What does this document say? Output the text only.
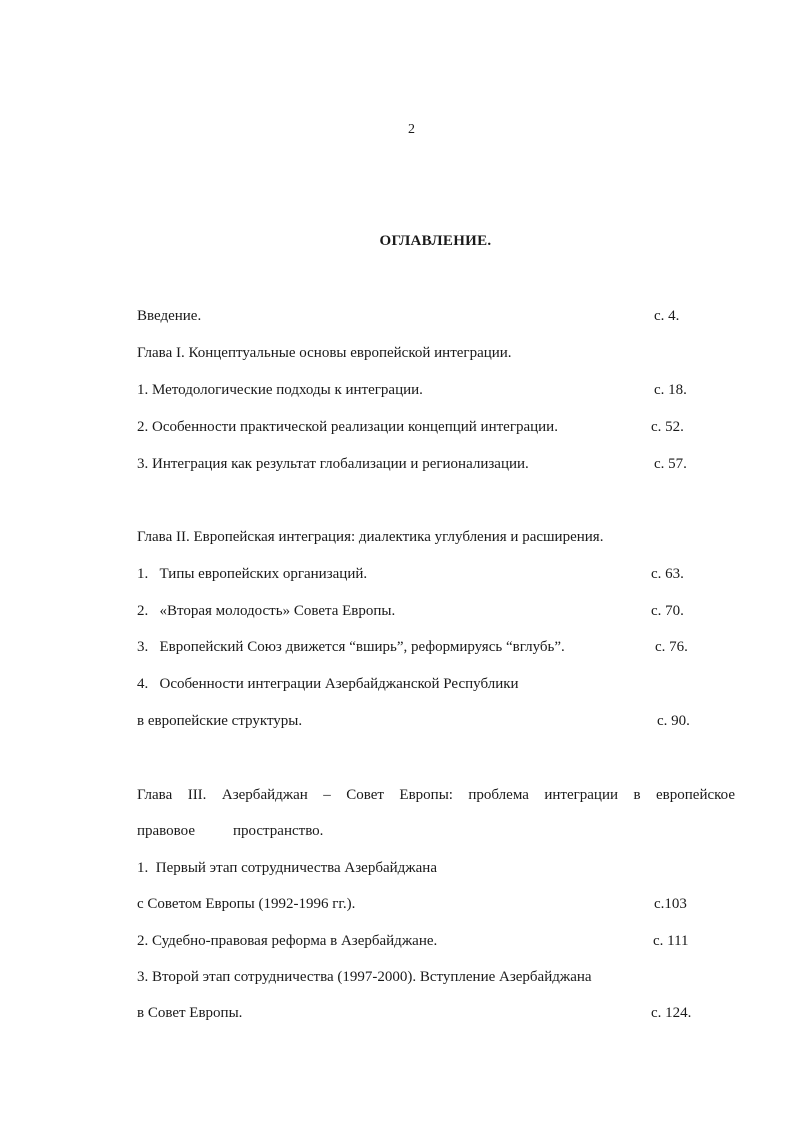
2
ОГЛАВЛЕНИЕ.
Введение.	с. 4.
Глава I. Концептуальные основы европейской интеграции.
1. Методологические подходы к интеграции.	с. 18.
2. Особенности практической реализации концепций интеграции.	с. 52.
3. Интеграция как результат глобализации и регионализации.	с. 57.
Глава II. Европейская интеграция: диалектика углубления и расширения.
1.   Типы европейских организаций.	с. 63.
2.   «Вторая молодость» Совета Европы.	с. 70.
3.   Европейский Союз движется “вширь”, реформируясь “вглубь”.	с. 76.
4.   Особенности интеграции Азербайджанской Республики
в европейские структуры.	с. 90.
Глава III. Азербайджан – Совет Европы: проблема интеграции в европейское
правовое	пространство.
1.  Первый этап сотрудничества Азербайджана
с Советом Европы (1992-1996 гг.).	с.103
2. Судебно-правовая реформа в Азербайджане.	с. 111
3. Второй этап сотрудничества (1997-2000). Вступление Азербайджана
в Совет Европы.	с. 124.
